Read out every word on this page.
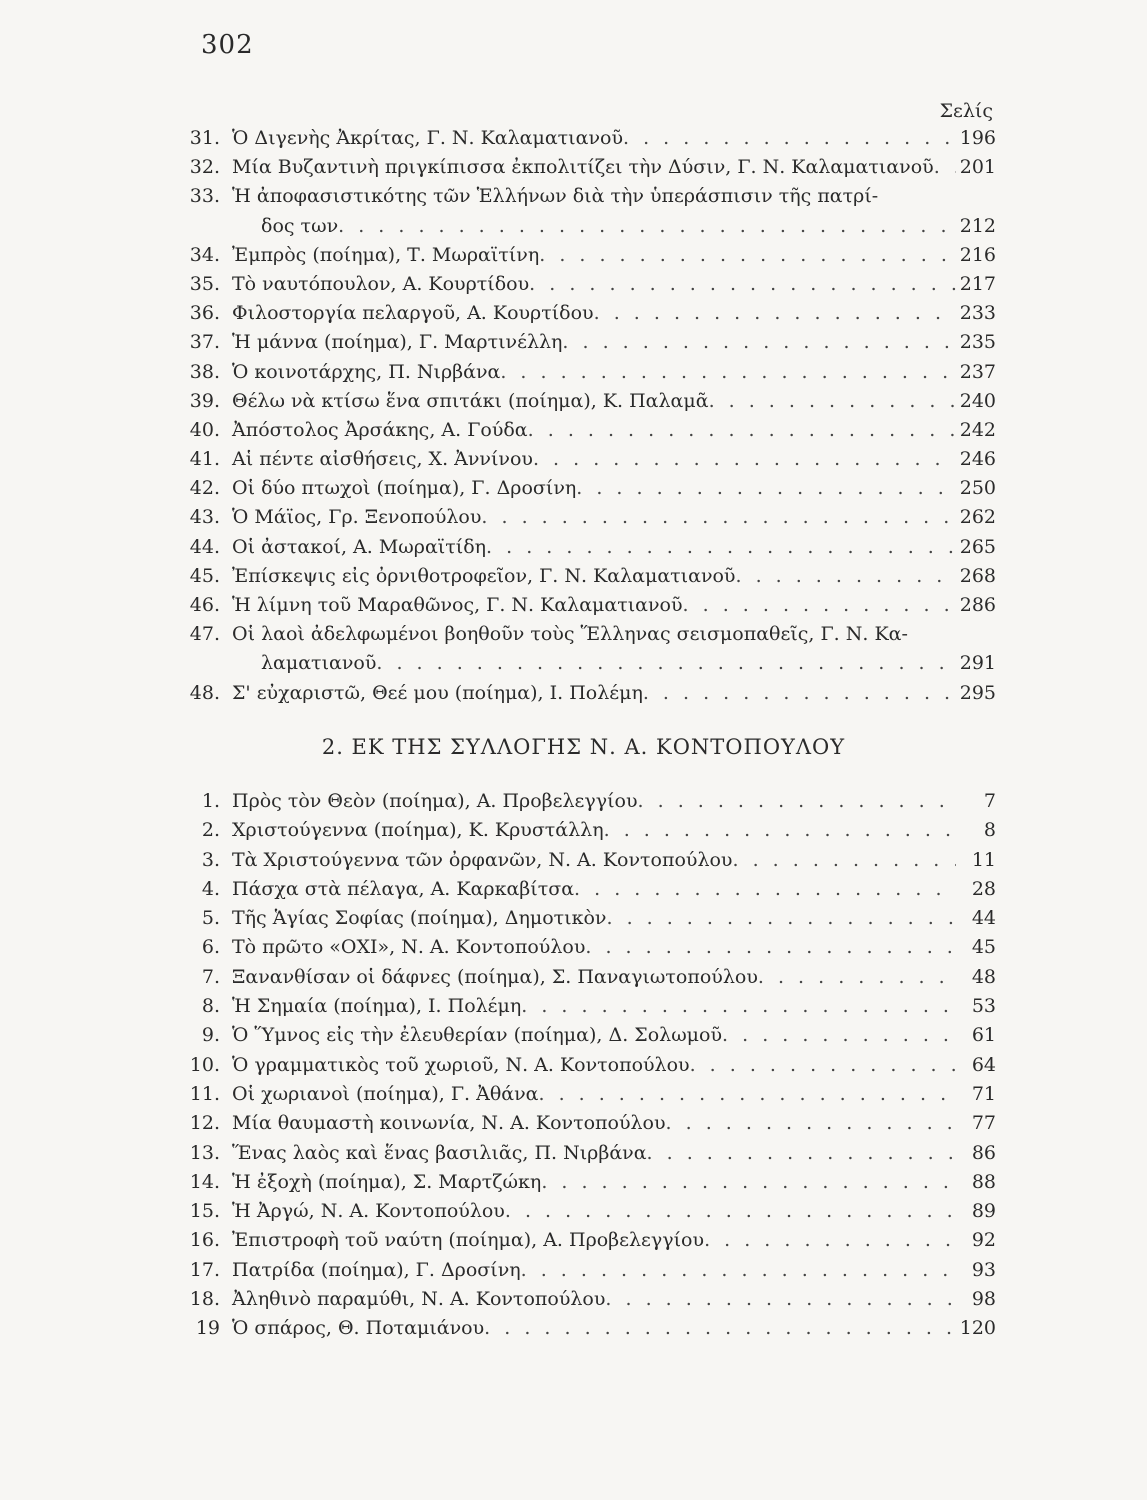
302
Σελίς
31. Ὁ Διγενὴς Ἀκρίτας, Γ. Ν. Καλαματιανοῦ . . .	196
32. Μία Βυζαντινὴ πριγκίπισσα ἐκπολιτίζει τὴν Δύσιν, Γ. Ν. Καλαματιανοῦ . . . 201
33. Ἡ ἀποφασιστικότης τῶν Ἑλλήνων διὰ τὴν ὑπεράσπισιν τῆς πατρί-
δος των . . .	212
34. Ἐμπρὸς (ποίημα), Τ. Μωραϊτίνη . . .	216
35. Τὸ ναυτόπουλον, Α. Κουρτίδου . . .	217
36. Φιλοστοργία πελαργοῦ, Α. Κουρτίδου . . .	233
37. Ἡ μάννα (ποίημα), Γ. Μαρτινέλλη . . .	235
38. Ὁ κοινοτάρχης, Π. Νιρβάνα . . .	237
39. Θέλω νὰ κτίσω ἕνα σπιτάκι (ποίημα), Κ. Παλαμᾶ . . .	240
40. Ἀπόστολος Ἀρσάκης, Α. Γούδα . . .	242
41. Αἱ πέντε αἰσθήσεις, Χ. Ἀννίνου . . .	246
42. Οἱ δύο πτωχοὶ (ποίημα), Γ. Δροσίνη . . .	250
43. Ὁ Μάϊος, Γρ. Ξενοπούλου . . .	262
44. Οἱ ἀστακοί, Α. Μωραϊτίδη . . .	265
45. Ἐπίσκεψις εἰς ὀρνιθοτροφεῖον, Γ. Ν. Καλαματιανοῦ . . .	268
46. Ἡ λίμνη τοῦ Μαραθῶνος, Γ. Ν. Καλαματιανοῦ . . .	286
47. Οἱ λαοὶ ἀδελφωμένοι βοηθοῦν τοὺς Ἕλληνας σεισμοπαθεῖς, Γ. Ν. Κα-
λαματιανοῦ . . .	291
48. Σ' εὐχαριστῶ, Θεέ μου (ποίημα), Ι. Πολέμη . . .	295
2. ΕΚ ΤΗΣ ΣΥΛΛΟΓΗΣ Ν. Α. ΚΟΝΤΟΠΟΥΛΟΥ
1. Πρὸς τὸν Θεὸν (ποίημα), Α. Προβελεγγίου . . .	7
2. Χριστούγεννα (ποίημα), Κ. Κρυστάλλη . . .	8
3. Τὰ Χριστούγεννα τῶν ὀρφανῶν, Ν. Α. Κοντοπούλου . . .	11
4. Πάσχα στὰ πέλαγα, Α. Καρκαβίτσα . . .	28
5. Τῆς Ἁγίας Σοφίας (ποίημα), Δημοτικὸν . . .	44
6. Τὸ πρῶτο «ΟΧΙ», Ν. Α. Κοντοπούλου . . .	45
7. Ξανανθίσαν οἱ δάφνες (ποίημα), Σ. Παναγιωτοπούλου . . .	48
8. Ἡ Σημαία (ποίημα), Ι. Πολέμη . . .	53
9. Ὁ Ὕμνος εἰς τὴν ἐλευθερίαν (ποίημα), Δ. Σολωμοῦ . . .	61
10. Ὁ γραμματικὸς τοῦ χωριοῦ, Ν. Α. Κοντοπούλου . . .	64
11. Οἱ χωριανοὶ (ποίημα), Γ. Ἀθάνα . . .	71
12. Μία θαυμαστὴ κοινωνία, Ν. Α. Κοντοπούλου . . .	77
13. Ἕνας λαὸς καὶ ἕνας βασιλιᾶς, Π. Νιρβάνα . . .	86
14. Ἡ ἐξοχὴ (ποίημα), Σ. Μαρτζώκη . . .	88
15. Ἡ Ἀργώ, Ν. Α. Κοντοπούλου . . .	89
16. Ἐπιστροφὴ τοῦ ναύτη (ποίημα), Α. Προβελεγγίου . . .	92
17. Πατρίδα (ποίημα), Γ. Δροσίνη . . .	93
18. Ἀληθινὸ παραμύθι, Ν. Α. Κοντοπούλου . . .	98
19 Ὁ σπάρος, Θ. Ποταμιάνου . . .	120
